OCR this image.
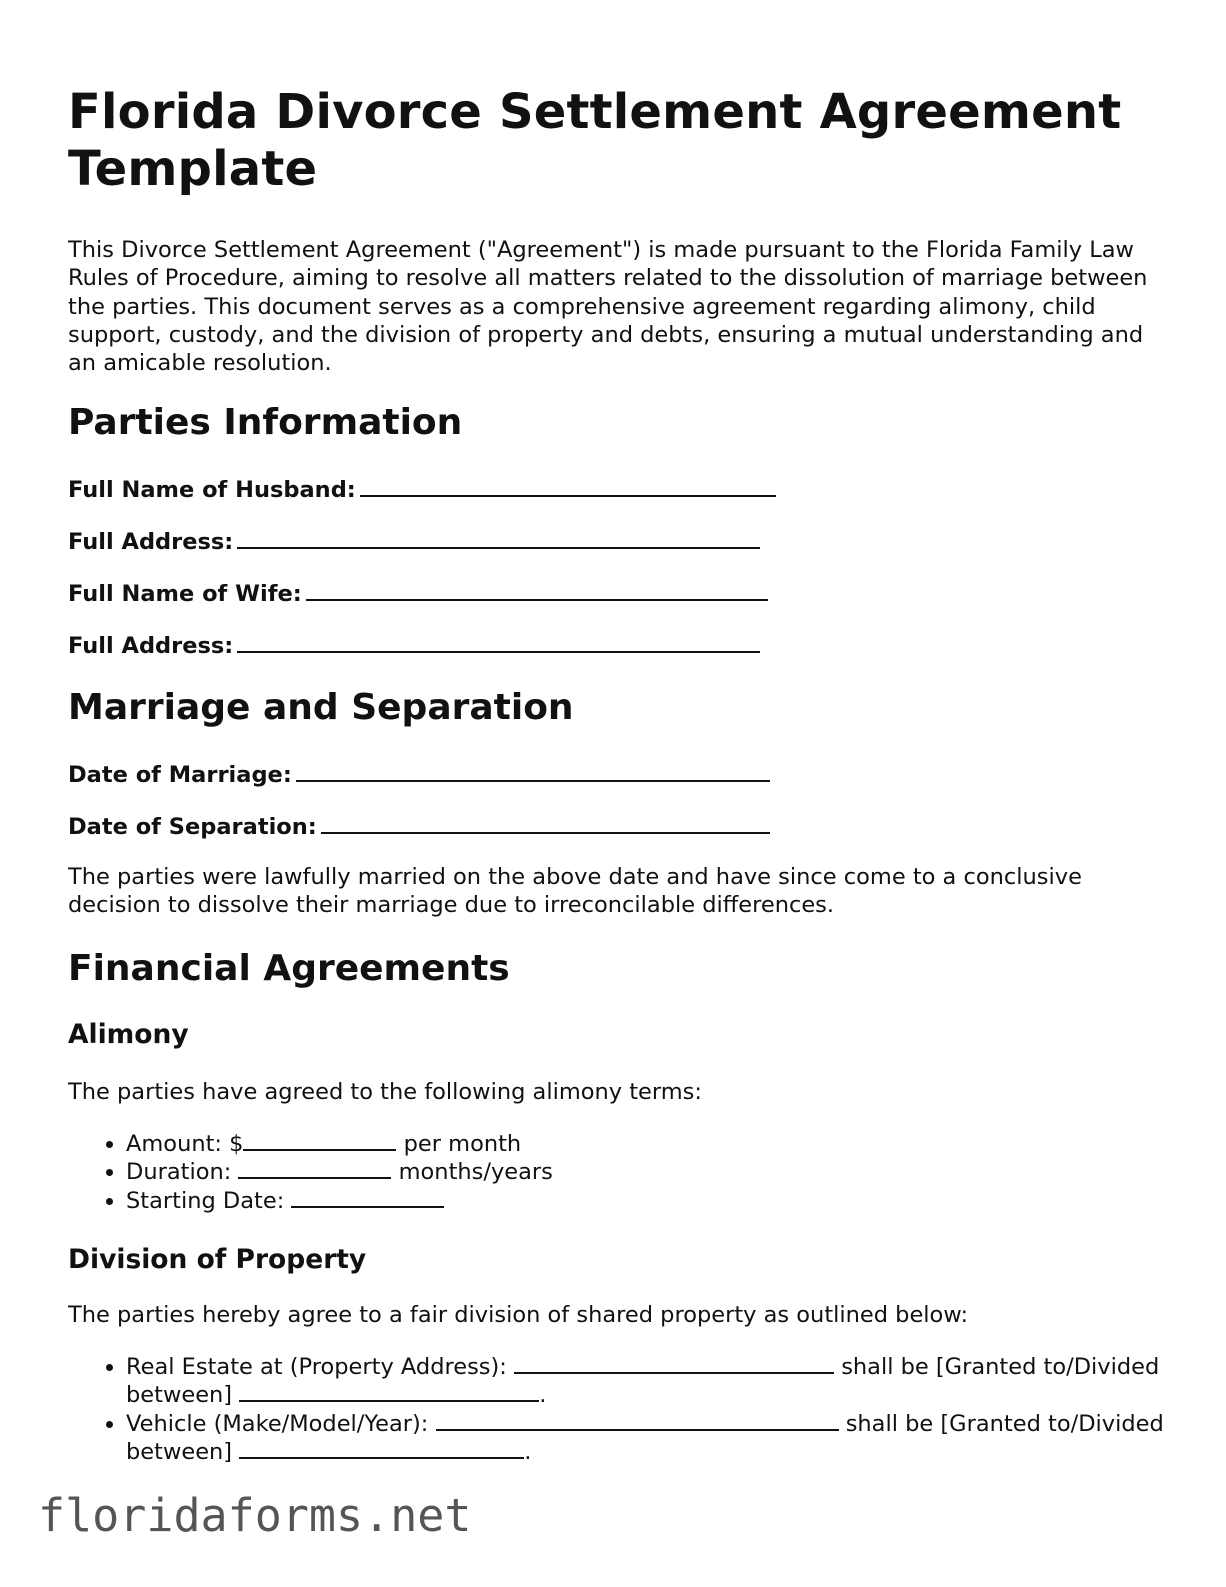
Florida Divorce Settlement Agreement Template

This Divorce Settlement Agreement ("Agreement") is made pursuant to the Florida Family Law Rules of Procedure, aiming to resolve all matters related to the dissolution of marriage between the parties. This document serves as a comprehensive agreement regarding alimony, child support, custody, and the division of property and debts, ensuring a mutual understanding and an amicable resolution.

Parties Information

Full Name of Husband:

Full Address:

Full Name of Wife:

Full Address:

Marriage and Separation

Date of Marriage:

Date of Separation:

The parties were lawfully married on the above date and have since come to a conclusive decision to dissolve their marriage due to irreconcilable differences.

Financial Agreements
Alimony

The parties have agreed to the following alimony terms:

• Amount: $	per month
• Duration:	months/years
• Starting Date:
Division of Property

The parties hereby agree to a fair division of shared property as outlined below:

• Real Estate at (Property Address):	shall be [Granted to/Divided between]	.
• Vehicle (Make/Model/Year):	shall be [Granted to/Divided between]	.
floridaforms.net
